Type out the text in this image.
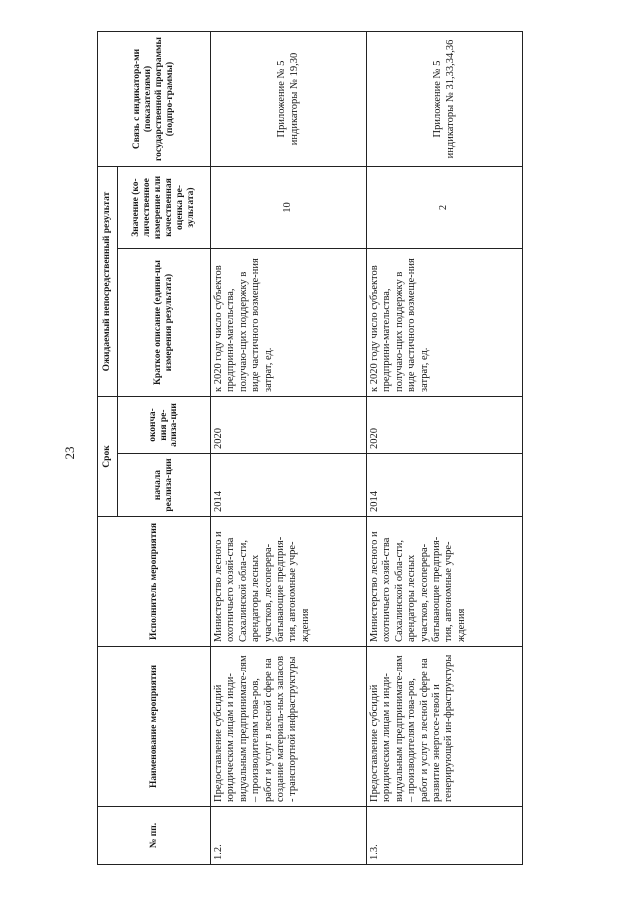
23
№ пп.	Наименование мероприятия	Исполнитель мероприятия	Срок		Ожидаемый непосредственный результат		Связь с индикатора-ми (показателями) государственной программы (подпро-граммы)
			начала реализа-ции	оконча-ния ре-ализа-ции	Краткое описание (едини-цы измерения результата)	Значение (ко-личественное измерение или качественная оценка ре-зультата)	
1.2.	Предоставление субсидий юридическим лицам и инди-видуальным предпринимате-лям – производителям това-ров, работ и услуг в лесной сфере на создание материаль-ных запасов - транспортной инфраструктуры	Министерство лесного и охотничьего хозяй-ства Сахалинской обла-сти, арендаторы лесных участков, лесоперера-батывающие предприя-тия, автономные учре-ждения	2014	2020	к 2020 году число субъектов предприни-мательства, получаю-щих поддержку в виде частичного возмеще-ния затрат, ед.	10	Приложение № 5 индикаторы № 19,30
1.3.	Предоставление субсидий юридическим лицам и инди-видуальным предпринимате-лям – производителям това-ров, работ и услуг в лесной сфере на развитие энергосе-тевой и генерирующей ин-фраструктуры	Министерство лесного и охотничьего хозяй-ства Сахалинской обла-сти, арендаторы лесных участков, лесоперера-батывающие предприя-тия, автономные учре-ждения	2014	2020	к 2020 году число субъектов предприни-мательства, получаю-щих поддержку в виде частичного возмеще-ния затрат, ед.	2	Приложение № 5 индикаторы № 31,33,34,36
